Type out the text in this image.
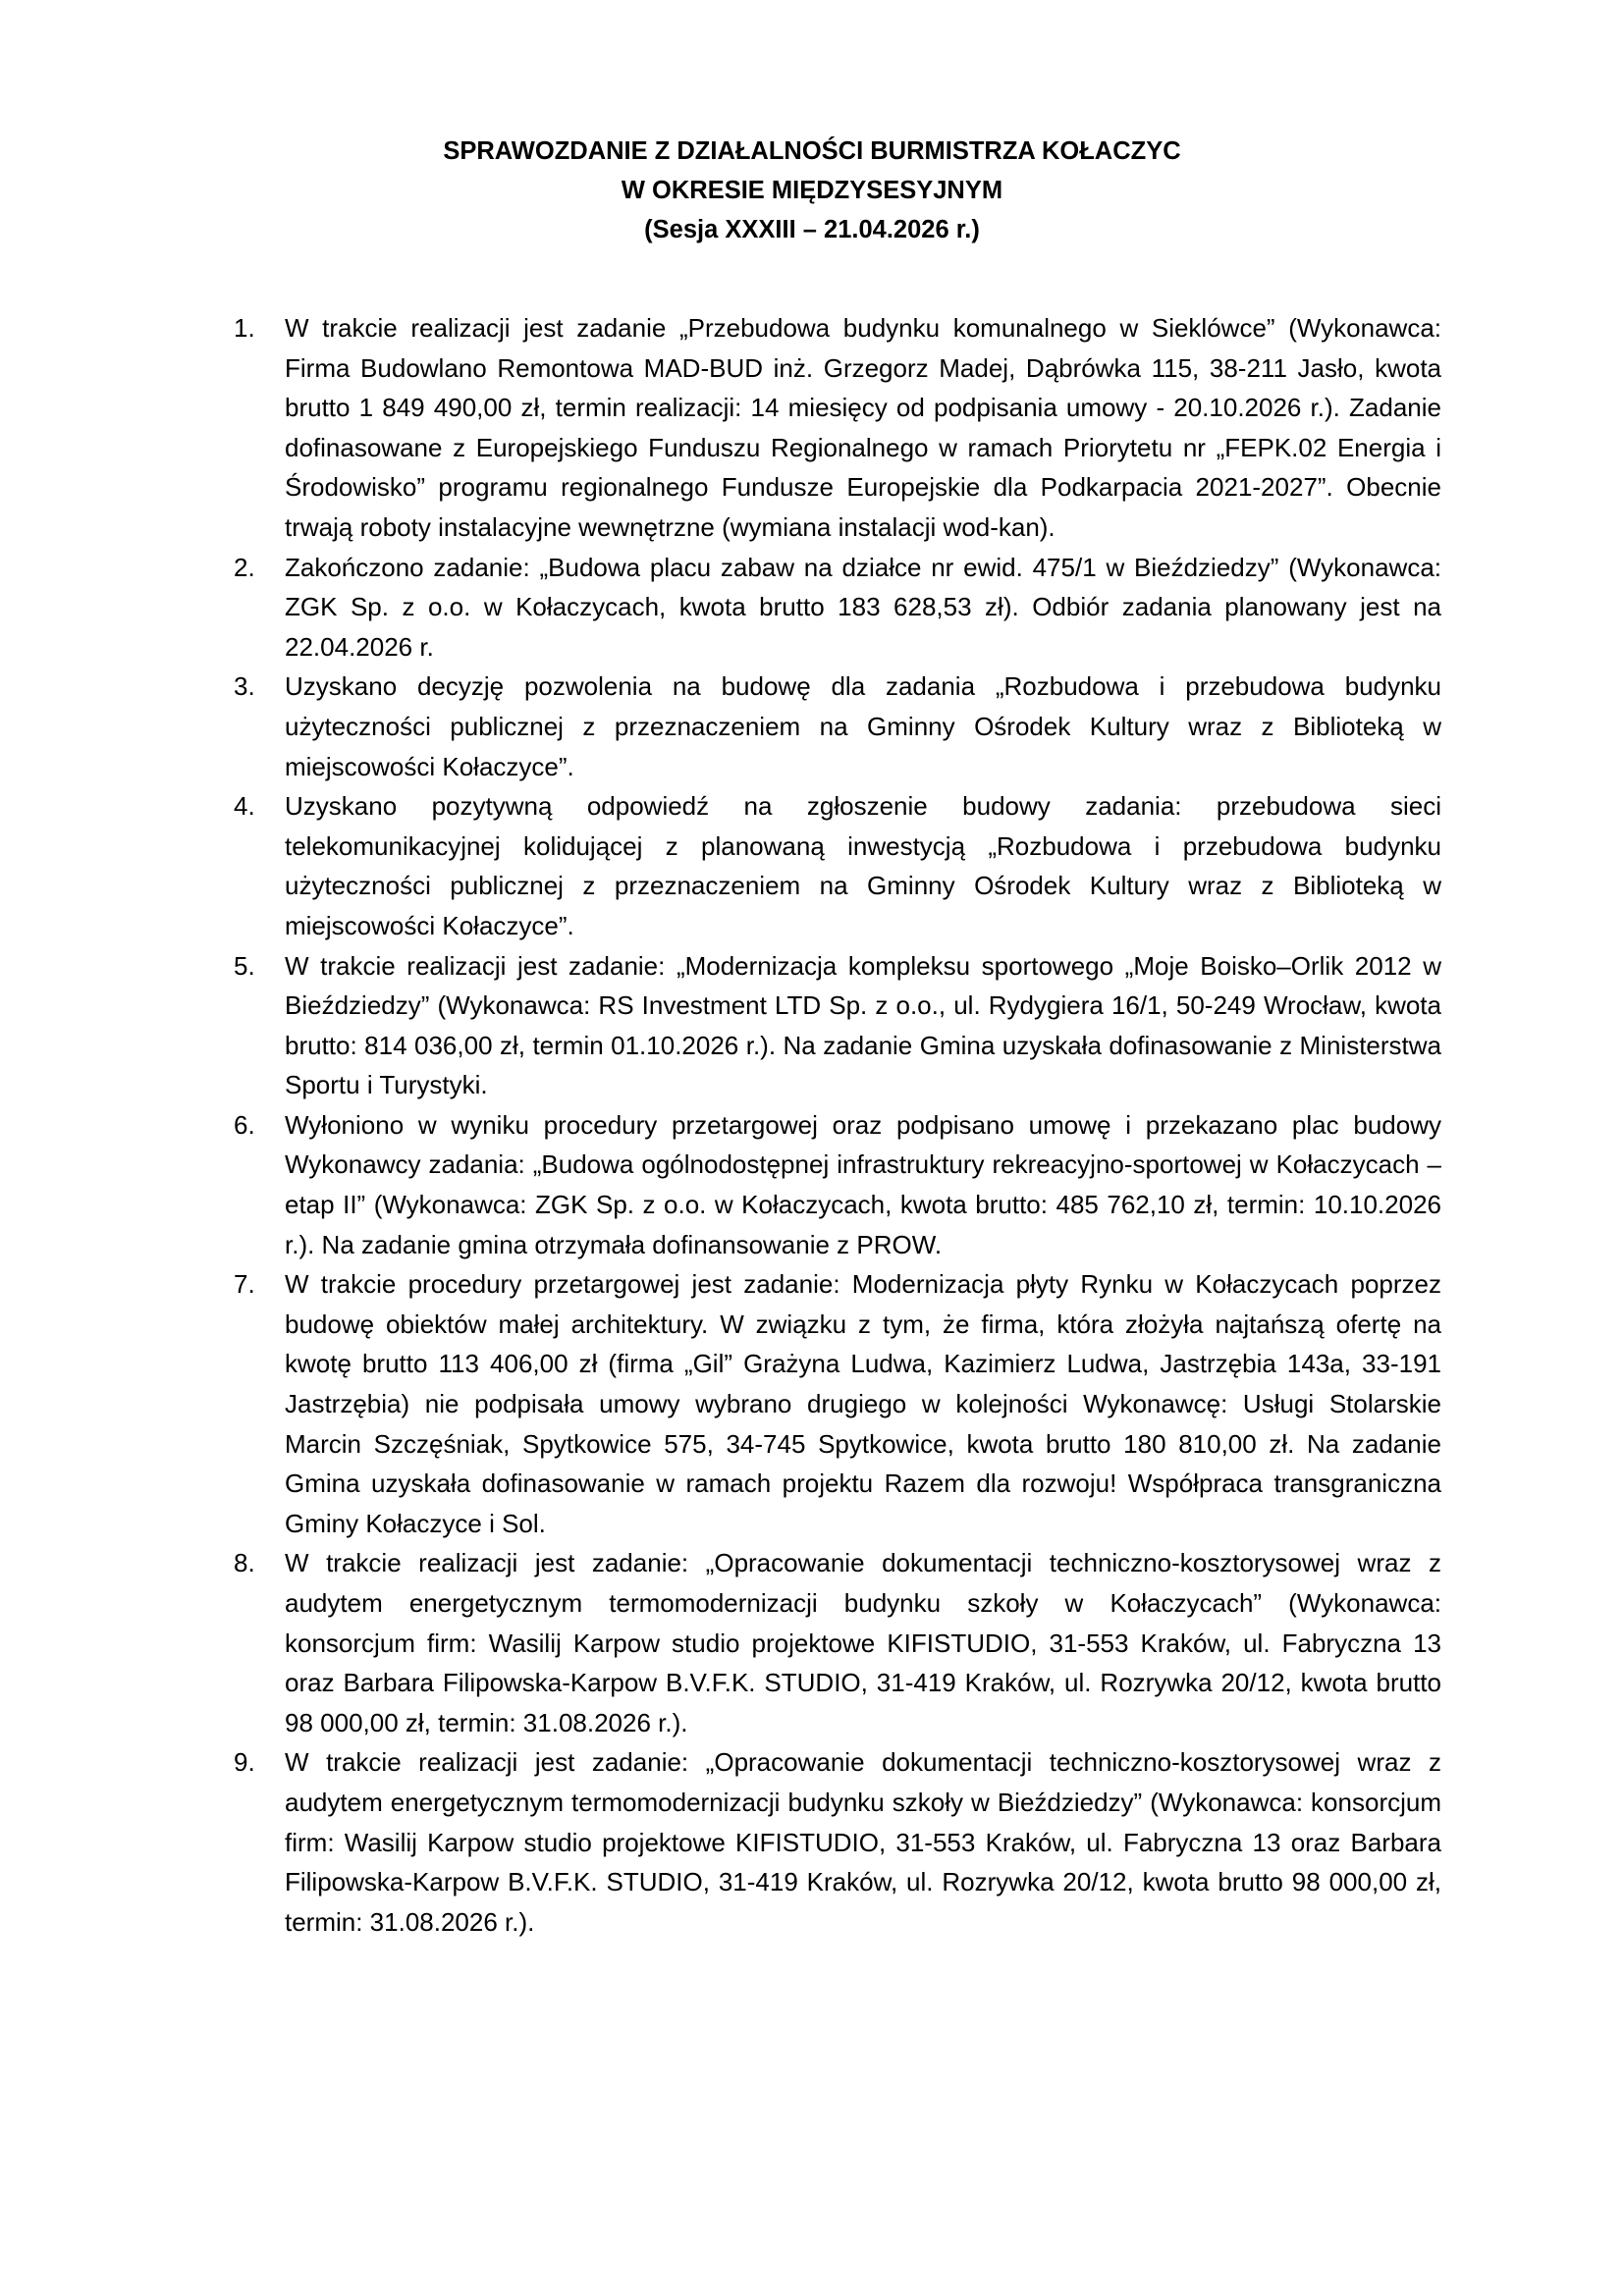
SPRAWOZDANIE Z DZIAŁALNOŚCI BURMISTRZA KOŁACZYC
W OKRESIE MIĘDZYSESYJNYM
(Sesja XXXIII – 21.04.2026 r.)
1.	W trakcie realizacji jest zadanie „Przebudowa budynku komunalnego w Sieklówce” (Wykonawca: Firma Budowlano Remontowa MAD-BUD inż. Grzegorz Madej, Dąbrówka 115, 38-211 Jasło, kwota brutto 1 849 490,00 zł, termin realizacji: 14 miesięcy od podpisania umowy - 20.10.2026 r.). Zadanie dofinasowane z Europejskiego Funduszu Regionalnego w ramach Priorytetu nr „FEPK.02 Energia i Środowisko” programu regionalnego Fundusze Europejskie dla Podkarpacia 2021-2027”. Obecnie trwają roboty instalacyjne wewnętrzne (wymiana instalacji wod-kan).
2.	Zakończono zadanie: „Budowa placu zabaw na działce nr ewid. 475/1 w Bieździedzy” (Wykonawca: ZGK Sp. z o.o. w Kołaczycach, kwota brutto 183 628,53 zł). Odbiór zadania planowany jest na 22.04.2026 r.
3.	Uzyskano decyzję pozwolenia na budowę dla zadania „Rozbudowa i przebudowa budynku użyteczności publicznej z przeznaczeniem na Gminny Ośrodek Kultury wraz z Biblioteką w miejscowości Kołaczyce”.
4.	Uzyskano pozytywną odpowiedź na zgłoszenie budowy zadania: przebudowa sieci telekomunikacyjnej kolidującej z planowaną inwestycją „Rozbudowa i przebudowa budynku użyteczności publicznej z przeznaczeniem na Gminny Ośrodek Kultury wraz z Biblioteką w miejscowości Kołaczyce”.
5.	W trakcie realizacji jest zadanie: „Modernizacja kompleksu sportowego „Moje Boisko–Orlik 2012 w Bieździedzy” (Wykonawca: RS Investment LTD Sp. z o.o., ul. Rydygiera 16/1, 50-249 Wrocław, kwota brutto: 814 036,00 zł, termin 01.10.2026 r.). Na zadanie Gmina uzyskała dofinasowanie z Ministerstwa Sportu i Turystyki.
6.	Wyłoniono w wyniku procedury przetargowej oraz podpisano umowę i przekazano plac budowy Wykonawcy zadania: „Budowa ogólnodostępnej infrastruktury rekreacyjno-sportowej w Kołaczycach – etap II” (Wykonawca: ZGK Sp. z o.o. w Kołaczycach, kwota brutto: 485 762,10 zł, termin: 10.10.2026 r.). Na zadanie gmina otrzymała dofinansowanie z PROW.
7.	W trakcie procedury przetargowej jest zadanie: Modernizacja płyty Rynku w Kołaczycach poprzez budowę obiektów małej architektury. W związku z tym, że firma, która złożyła najtańszą ofertę na kwotę brutto 113 406,00 zł (firma „Gil” Grażyna Ludwa, Kazimierz Ludwa, Jastrzębia 143a, 33-191 Jastrzębia) nie podpisała umowy wybrano drugiego w kolejności Wykonawcę: Usługi Stolarskie Marcin Szczęśniak, Spytkowice 575, 34-745 Spytkowice, kwota brutto 180 810,00 zł. Na zadanie Gmina uzyskała dofinasowanie w ramach projektu Razem dla rozwoju! Współpraca transgraniczna Gminy Kołaczyce i Sol.
8.	W trakcie realizacji jest zadanie: „Opracowanie dokumentacji techniczno-kosztorysowej wraz z audytem energetycznym termomodernizacji budynku szkoły w Kołaczycach” (Wykonawca: konsorcjum firm: Wasilij Karpow studio projektowe KIFISTUDIO, 31-553 Kraków, ul. Fabryczna 13 oraz Barbara Filipowska-Karpow B.V.F.K. STUDIO, 31-419 Kraków, ul. Rozrywka 20/12, kwota brutto 98 000,00 zł, termin: 31.08.2026 r.).
9.	W trakcie realizacji jest zadanie: „Opracowanie dokumentacji techniczno-kosztorysowej wraz z audytem energetycznym termomodernizacji budynku szkoły w Bieździedzy” (Wykonawca: konsorcjum firm: Wasilij Karpow studio projektowe KIFISTUDIO, 31-553 Kraków, ul. Fabryczna 13 oraz Barbara Filipowska-Karpow B.V.F.K. STUDIO, 31-419 Kraków, ul. Rozrywka 20/12, kwota brutto 98 000,00 zł, termin: 31.08.2026 r.).
